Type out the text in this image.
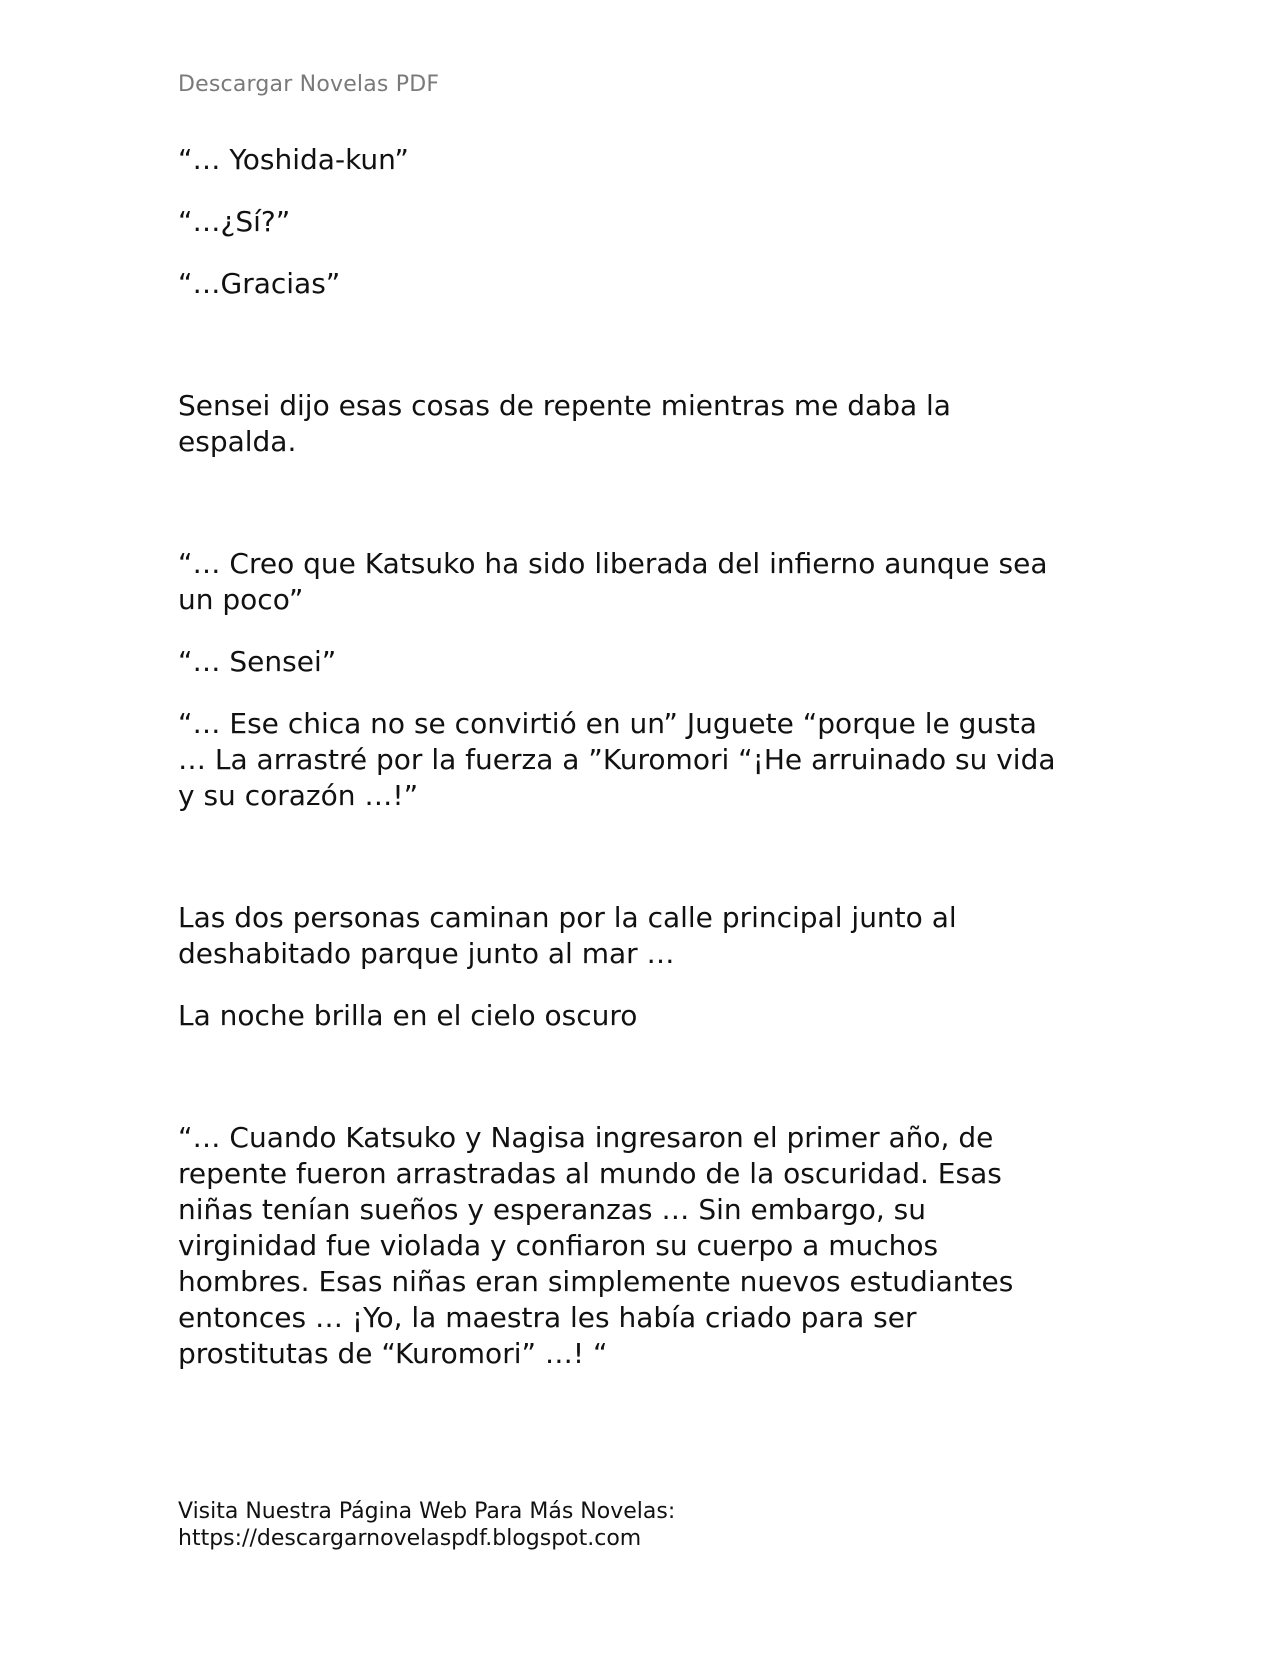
Descargar Novelas PDF

“… Yoshida-kun”

“…¿Sí?”

“…Gracias”

Sensei dijo esas cosas de repente mientras me daba la
espalda.

“… Creo que Katsuko ha sido liberada del infierno aunque sea
un poco”

“… Sensei”

“… Ese chica no se convirtió en un” Juguete “porque le gusta
… La arrastré por la fuerza a ”Kuromori “¡He arruinado su vida
y su corazón …!”

Las dos personas caminan por la calle principal junto al
deshabitado parque junto al mar …

La noche brilla en el cielo oscuro

“… Cuando Katsuko y Nagisa ingresaron el primer año, de
repente fueron arrastradas al mundo de la oscuridad. Esas
niñas tenían sueños y esperanzas … Sin embargo, su
virginidad fue violada y confiaron su cuerpo a muchos
hombres. Esas niñas eran simplemente nuevos estudiantes
entonces … ¡Yo, la maestra les había criado para ser
prostitutas de “Kuromori” …! “

Visita Nuestra Página Web Para Más Novelas:
https://descargarnovelaspdf.blogspot.com
